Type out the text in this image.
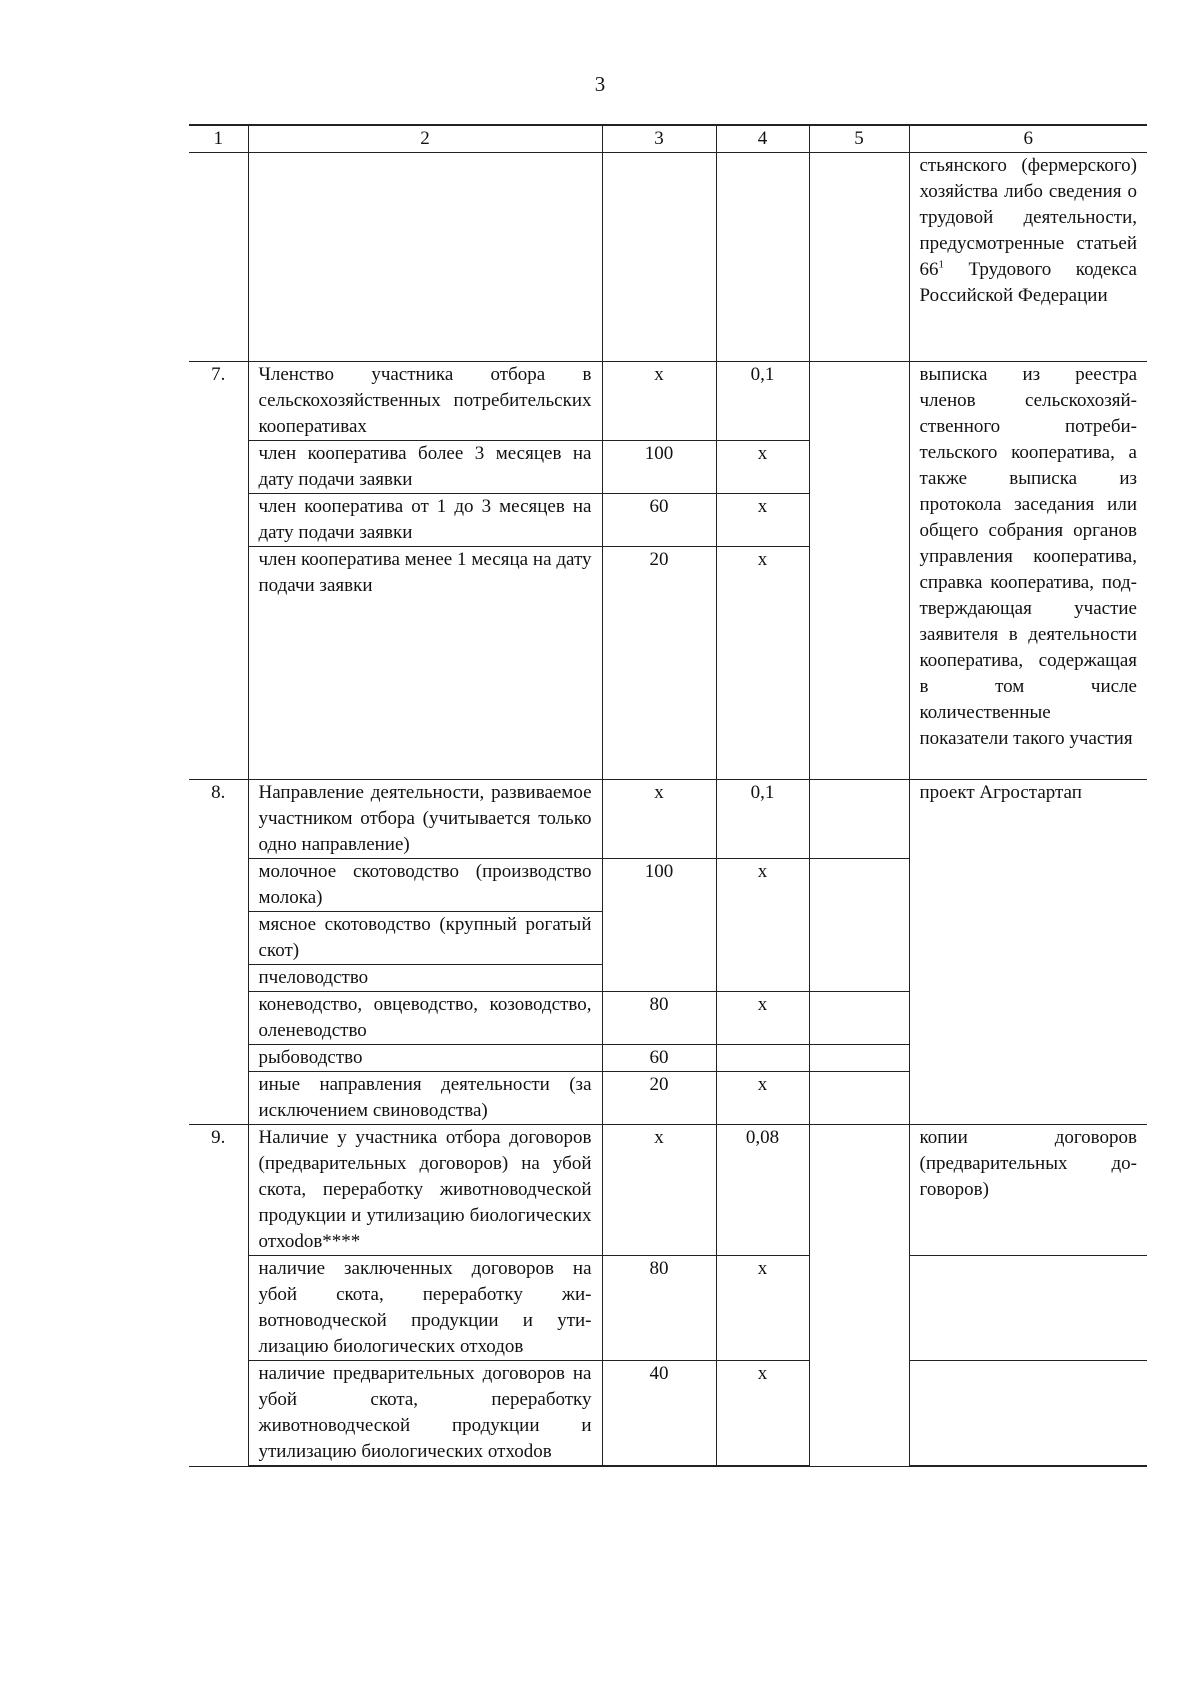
3
1	2	3	4	5	6
					стьянского (фермерского) хозяйства либо сведения о трудовой деятельности, предусмотренные статьей $66^1$ Трудового кодекса Российской Федерации
7.	Членство участника отбора в сельскохозяйственных потребительских кооперативах	х	0,1		выписка из реестра членов сельскохозяйственного потребительского кооператива, а также выписка из протокола заседания или общего собрания органов управления кооператива, справка кооператива, подтверждающая участие заявителя в деятельности кооператива, содержащая в том числе количественные показатели такого участия
	член кооператива более 3 месяцев на дату подачи заявки	100	х		
	член кооператива от 1 до 3 месяцев на дату подачи заявки	60	х		
	член кооператива менее 1 месяца на дату подачи заявки	20	х		
8.	Направление деятельности, развиваемое участником отбора (учитывается только одно направление)	х	0,1		проект Агростартап
	молочное скотоводство (производство молока)	100	х		
	мясное скотоводство (крупный рогатый скот)				
	пчеловодство				
	коневодство, овцеводство, козоводство, оленеводство	80	х		
	рыбоводство	60			
	иные направления деятельности (за исключением свиноводства)	20	х		
9.	Наличие у участника отбора договоров (предварительных договоров) на убой скота, переработку животноводческой продукции и утилизацию биологических отхоdов****	х	0,08		копии договоров (предварительных договоров)
	наличие заключенных договоров на убой скота, переработку животноводческой продукции и утилизацию биологических отходов	80	х		
	наличие предварительных договоров на убой скота, переработку животноводческой продукции и утилизацию биологических отхоdов	40	х		
